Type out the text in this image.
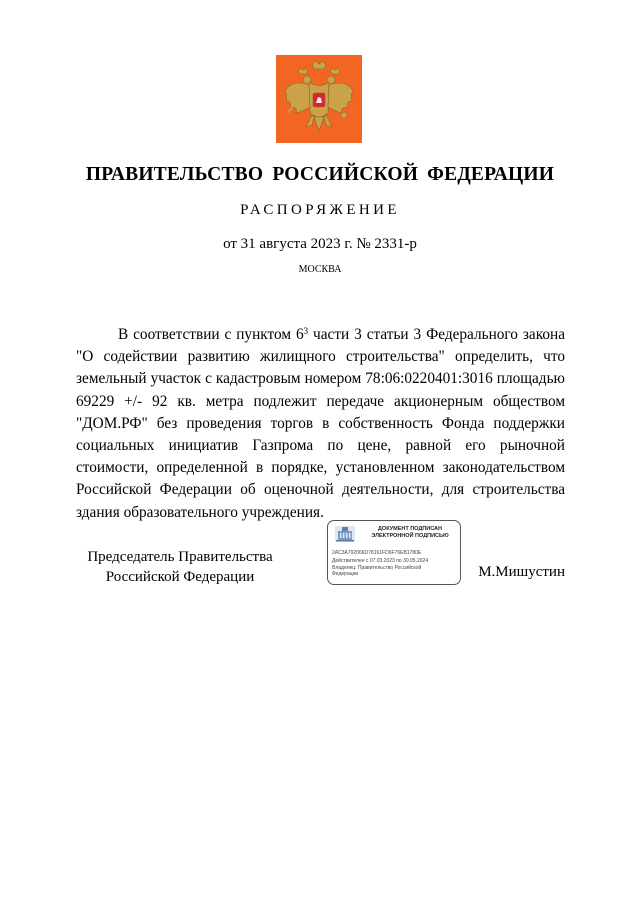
ПРАВИТЕЛЬСТВО РОССИЙСКОЙ ФЕДЕРАЦИИ
РАСПОРЯЖЕНИЕ
от 31 августа 2023 г. № 2331-р
МОСКВА

В соответствии с пунктом $6^3$ части 3 статьи 3 Федерального закона "О содействии развитию жилищного строительства" определить, что земельный участок с кадастровым номером 78:06:0220401:3016 площадью 69229 +/- 92 кв. метра подлежит передаче акционерным обществом "ДОМ.РФ" без проведения торгов в собственность Фонда поддержки социальных инициатив Газпрома по цене, равной его рыночной стоимости, определенной в порядке, установленном законодательством Российской Федерации об оценочной деятельности, для строительства здания образовательного учреждения.

Председатель Правительства
Российской Федерации
ДОКУМЕНТ ПОДПИСАН
ЭЛЕКТРОННОЙ ПОДПИСЬЮ
2AC3A792066D78161FD6F76EB1780E
Действителен с 07.03.2023 по 30.05.2024
Владелец: Правительство Российской
Федерации	М.Мишустин
